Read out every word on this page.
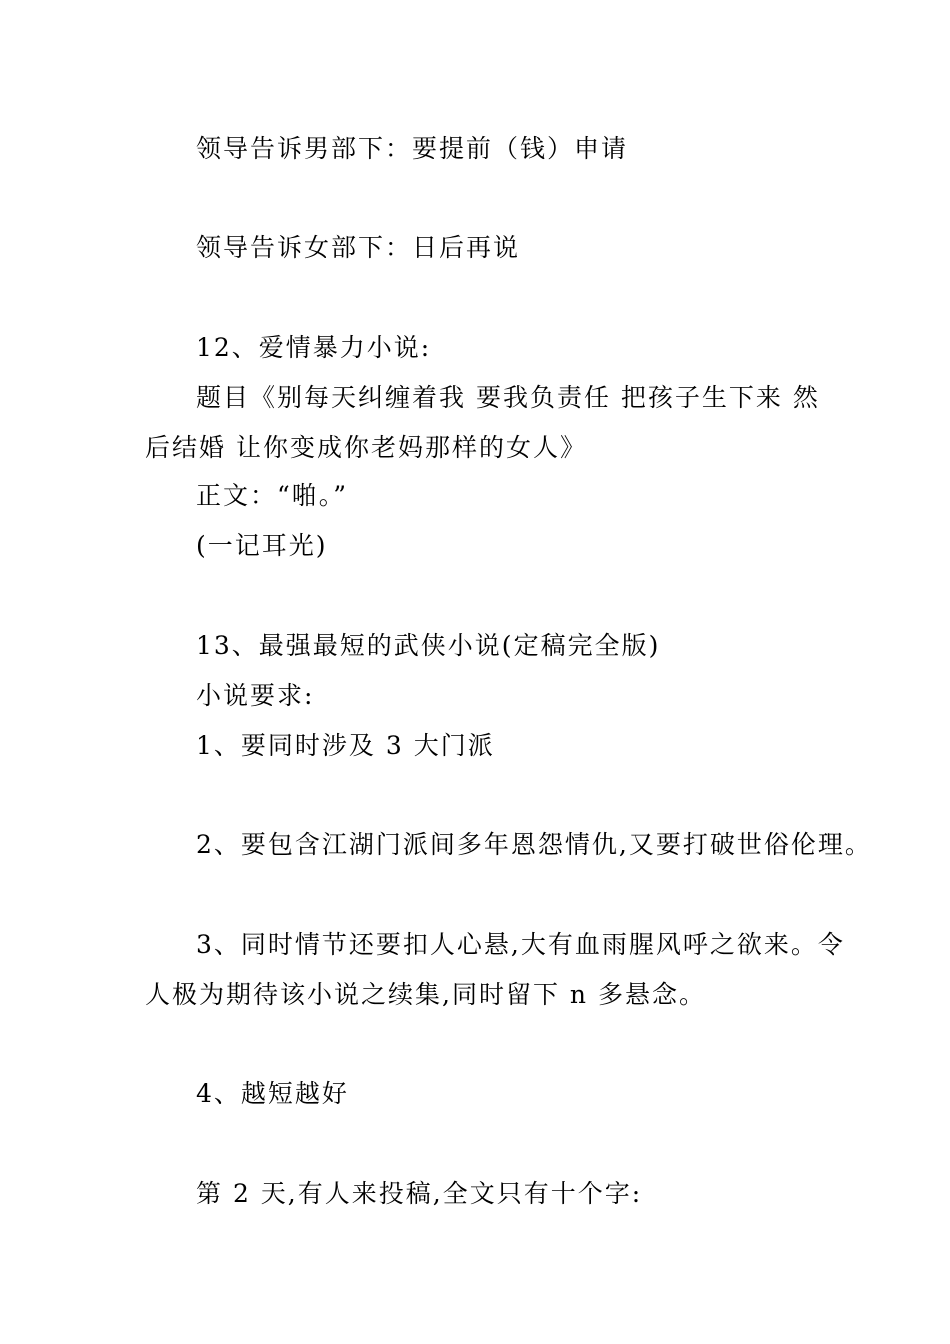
领导告诉男部下：要提前（钱）申请

领导告诉女部下：日后再说

12、爱情暴力小说:

题目《别每天纠缠着我 要我负责任 把孩子生下来 然

后结婚 让你变成你老妈那样的女人》

正文：“啪。”

(一记耳光)

13、最强最短的武侠小说(定稿完全版)

小说要求:

1、要同时涉及 3 大门派

2、要包含江湖门派间多年恩怨情仇,又要打破世俗伦理。

3、同时情节还要扣人心悬,大有血雨腥风呼之欲来。令

人极为期待该小说之续集,同时留下 n 多悬念。

4、越短越好

第 2 天,有人来投稿,全文只有十个字:
